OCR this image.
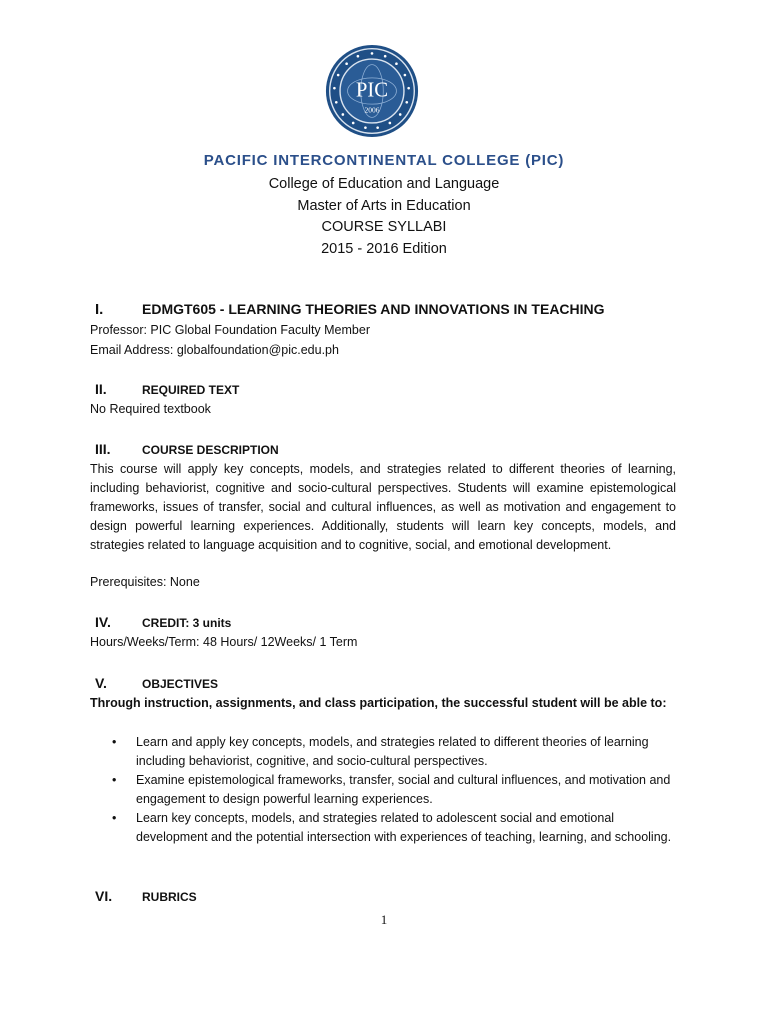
PIC
2006
PACIFIC INTERCONTINENTAL COLLEGE (PIC)
College of Education and Language
Master of Arts in Education
COURSE SYLLABI
2015 - 2016 Edition
I.	EDMGT605 - LEARNING THEORIES AND INNOVATIONS IN TEACHING
Professor: PIC Global Foundation Faculty Member
Email Address: globalfoundation@pic.edu.ph
II.	REQUIRED TEXT
No Required textbook
III.	COURSE DESCRIPTION
This course will apply key concepts, models, and strategies related to different theories of learning, including behaviorist, cognitive and socio-cultural perspectives. Students will examine epistemological frameworks, issues of transfer, social and cultural influences, as well as motivation and engagement to design powerful learning experiences. Additionally, students will learn key concepts, models, and strategies related to language acquisition and to cognitive, social, and emotional development.
Prerequisites: None
IV.	CREDIT: 3 units
Hours/Weeks/Term: 48 Hours/ 12Weeks/ 1 Term
V.	OBJECTIVES
Through instruction, assignments, and class participation, the successful student will be able to:
• Learn and apply key concepts, models, and strategies related to different theories of learning including behaviorist, cognitive, and socio-cultural perspectives.
• Examine epistemological frameworks, transfer, social and cultural influences, and motivation and engagement to design powerful learning experiences.
• Learn key concepts, models, and strategies related to adolescent social and emotional development and the potential intersection with experiences of teaching, learning, and schooling.
VI. RUBRICS
1
